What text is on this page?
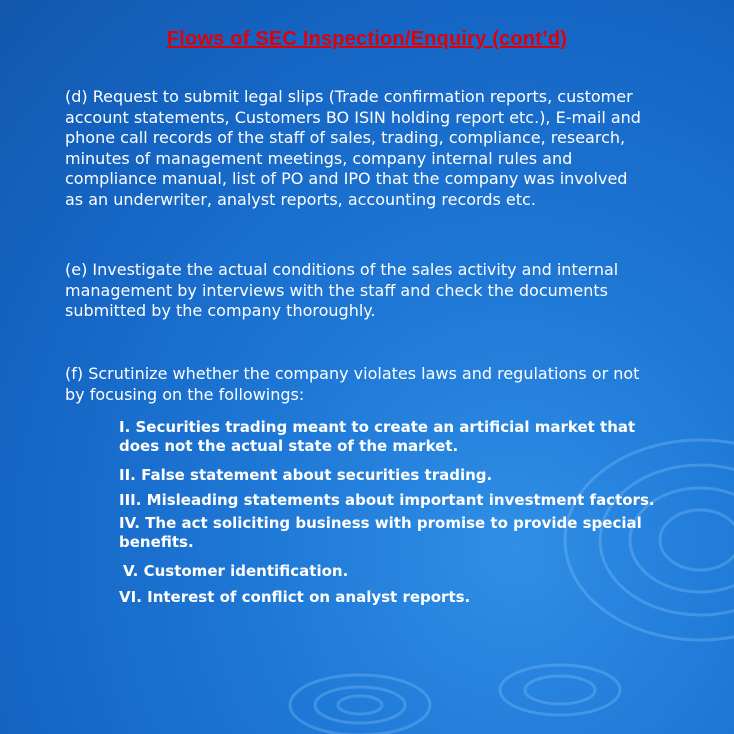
Flows of SEC Inspection/Enquiry (cont’d)
(d) Request to submit legal slips (Trade confirmation reports, customer
account statements, Customers BO ISIN holding report etc.), E-mail and
phone call records of the staff of sales, trading, compliance, research,
minutes of management meetings, company internal rules and
compliance manual, list of PO and IPO that the company was involved
as an underwriter, analyst reports, accounting records etc.
(e) Investigate the actual conditions of the sales activity and internal
management by interviews with the staff and check the documents
submitted by the company thoroughly.
(f) Scrutinize whether the company violates laws and regulations or not
by focusing on the followings:
I. Securities trading meant to create an artificial market that
does not the actual state of the market.
II. False statement about securities trading.
III. Misleading statements about important investment factors.
IV. The act soliciting business with promise to provide special
benefits.
V. Customer identification.
VI. Interest of conflict on analyst reports.
